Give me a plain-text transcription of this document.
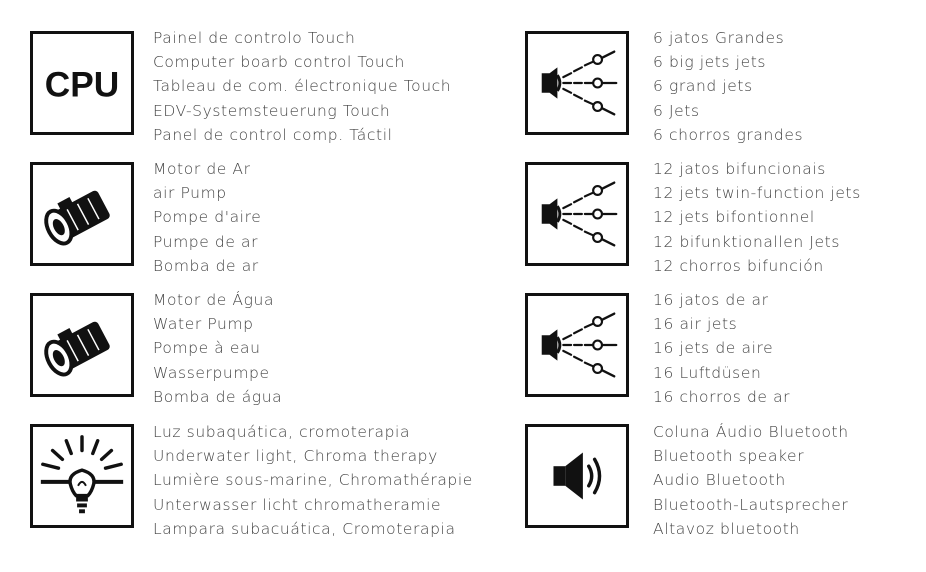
CPU
Painel de controlo Touch
Computer boarb control Touch
Tableau de com. électronique Touch
EDV-Systemsteuerung Touch
Panel de control comp. Táctil
Motor de Ar
air Pump
Pompe d'aire
Pumpe de ar
Bomba de ar
Motor de Água
Water Pump
Pompe à eau
Wasserpumpe
Bomba de água
Luz subaquática, cromoterapia
Underwater light, Chroma therapy
Lumière sous-marine, Chromathérapie
Unterwasser licht chromatheramie
Lampara subacuática, Cromoterapia
6 jatos Grandes
6 big jets jets
6 grand jets
6 Jets
6 chorros grandes
12 jatos bifuncionais
12 jets twin-function jets
12 jets bifontionnel
12 bifunktionallen Jets
12 chorros bifunción
16 jatos de ar
16 air jets
16 jets de aire
16 Luftdüsen
16 chorros de ar
Coluna Áudio Bluetooth
Bluetooth speaker
Audio Bluetooth
Bluetooth-Lautsprecher
Altavoz bluetooth
